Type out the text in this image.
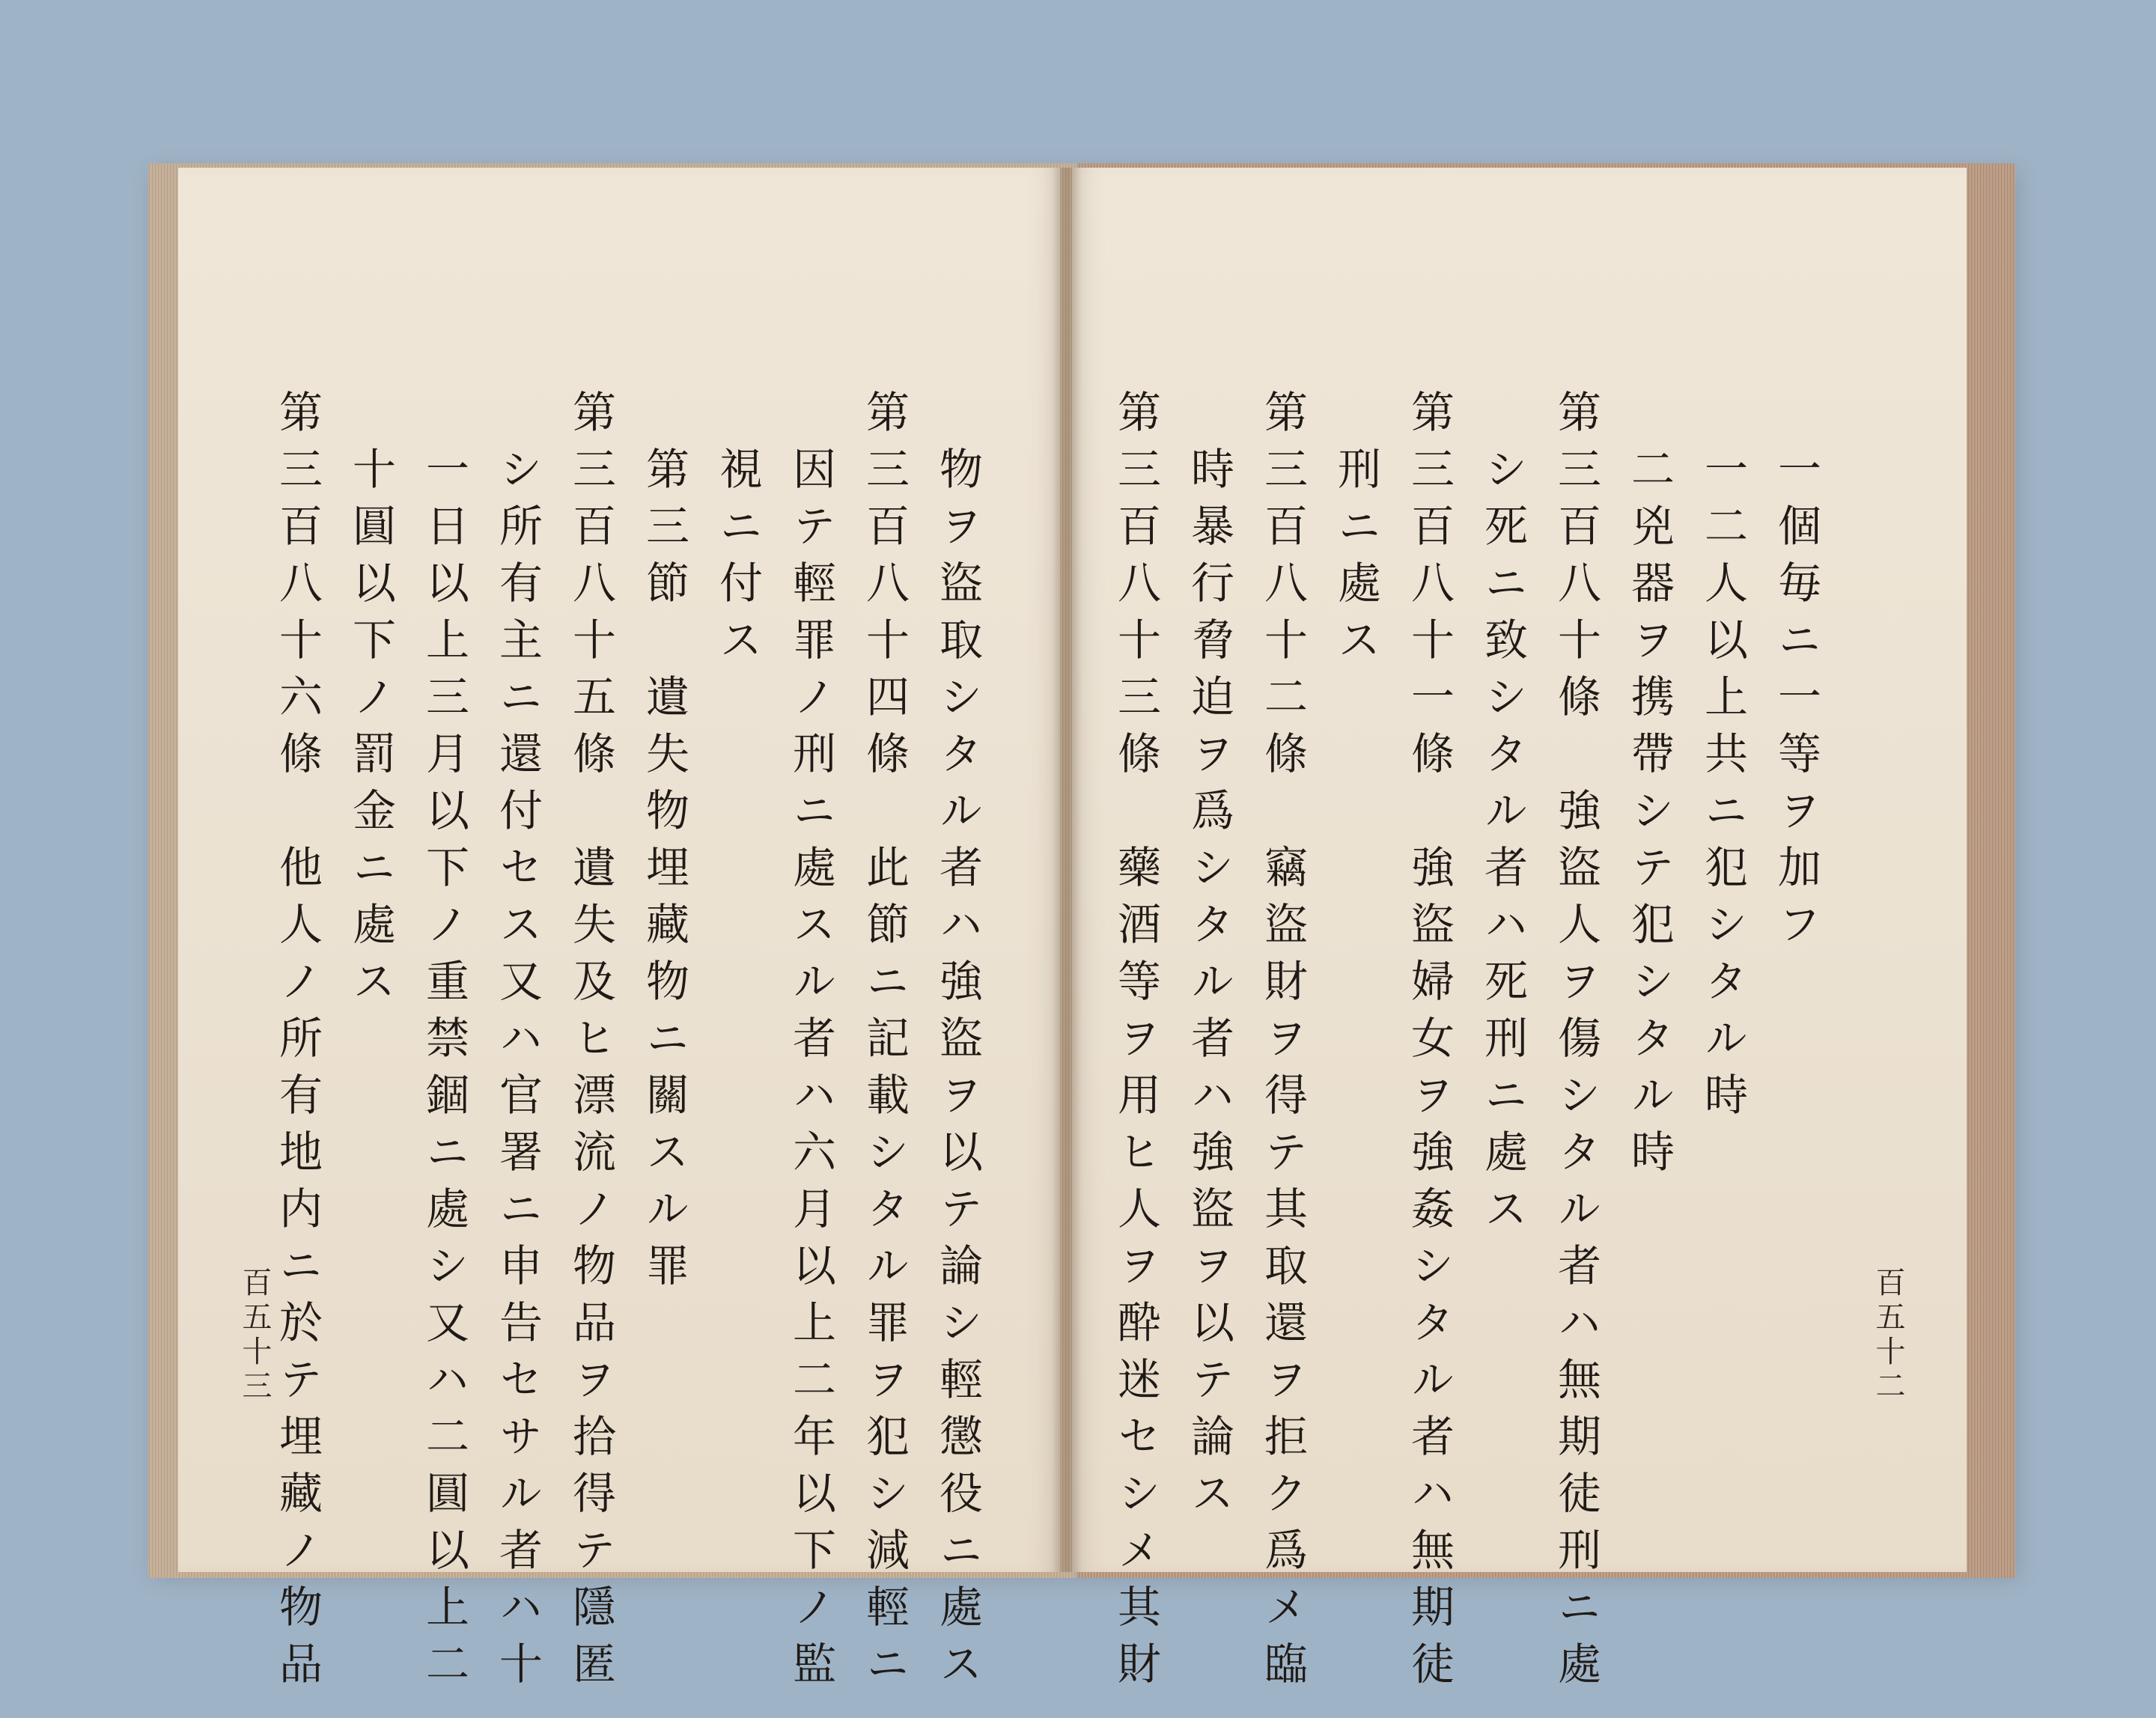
一個毎ニ一等ヲ加フ
一二人以上共ニ犯シタル時
二兇器ヲ携帶シテ犯シタル時
第三百八十條　強盜人ヲ傷シタル者ハ無期徒刑ニ處
シ死ニ致シタル者ハ死刑ニ處ス
第三百八十一條　強盜婦女ヲ強姦シタル者ハ無期徒
刑ニ處ス
第三百八十二條　竊盜財ヲ得テ其取還ヲ拒ク爲メ臨
時暴行脅迫ヲ爲シタル者ハ強盜ヲ以テ論ス
第三百八十三條　藥酒等ヲ用ヒ人ヲ酔迷セシメ其財	百五十二
物ヲ盜取シタル者ハ強盜ヲ以テ論シ輕懲役ニ處ス
第三百八十四條　此節ニ記載シタル罪ヲ犯シ減輕ニ
因テ輕罪ノ刑ニ處スル者ハ六月以上二年以下ノ監
視ニ付ス
第三節　遺失物埋藏物ニ關スル罪
第三百八十五條　遺失及ヒ漂流ノ物品ヲ拾得テ隱匿
シ所有主ニ還付セス又ハ官署ニ申告セサル者ハ十
一日以上三月以下ノ重禁錮ニ處シ又ハ二圓以上二
十圓以下ノ罰金ニ處ス
第三百八十六條　他人ノ所有地内ニ於テ埋藏ノ物品
百五十三
